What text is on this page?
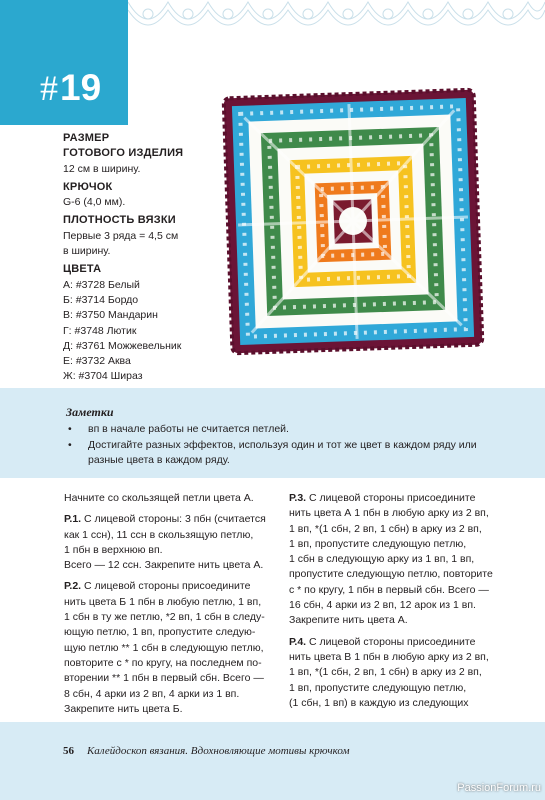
#19
РАЗМЕР
ГОТОВОГО ИЗДЕЛИЯ
12 см в ширину.
КРЮЧОК
G-6 (4,0 мм).
ПЛОТНОСТЬ ВЯЗКИ
Первые 3 ряда = 4,5 см
в ширину.
ЦВЕТА
А: #3728 Белый
Б: #3714 Бордо
В: #3750 Мандарин
Г: #3748 Лютик
Д: #3761 Можжевельник
Е: #3732 Аква
Ж: #3704 Шираз
Заметки
• вп в начале работы не считается петлей.
• Достигайте разных эффектов, используя один и тот же цвет в каждом ряду или
разные цвета в каждом ряду.
Начните со скользящей петли цвета А.
Р.1. С лицевой стороны: 3 пбн (считается
как 1 ссн), 11 ссн в скользящую петлю,
1 пбн в верхнюю вп.
Всего — 12 ссн. Закрепите нить цвета А.
Р.2. С лицевой стороны присоедините
нить цвета Б 1 пбн в любую петлю, 1 вп,
1 сбн в ту же петлю, *2 вп, 1 сбн в следу-
ющую петлю, 1 вп, пропустите следую-
щую петлю ** 1 сбн в следующую петлю,
повторите с * по кругу, на последнем по-
вторении ** 1 пбн в первый сбн. Всего —
8 сбн, 4 арки из 2 вп, 4 арки из 1 вп.
Закрепите нить цвета Б.
Р.3. С лицевой стороны присоедините
нить цвета А 1 пбн в любую арку из 2 вп,
1 вп, *(1 сбн, 2 вп, 1 сбн) в арку из 2 вп,
1 вп, пропустите следующую петлю,
1 сбн в следующую арку из 1 вп, 1 вп,
пропустите следующую петлю, повторите
с * по кругу, 1 пбн в первый сбн. Всего —
16 сбн, 4 арки из 2 вп, 12 арок из 1 вп.
Закрепите нить цвета А.
Р.4. С лицевой стороны присоедините
нить цвета В 1 пбн в любую арку из 2 вп,
1 вп, *(1 сбн, 2 вп, 1 сбн) в арку из 2 вп,
1 вп, пропустите следующую петлю,
(1 сбн, 1 вп) в каждую из следующих
56 Калейдоскоп вязания. Вдохновляющие мотивы крючком
PassionForum.ru
